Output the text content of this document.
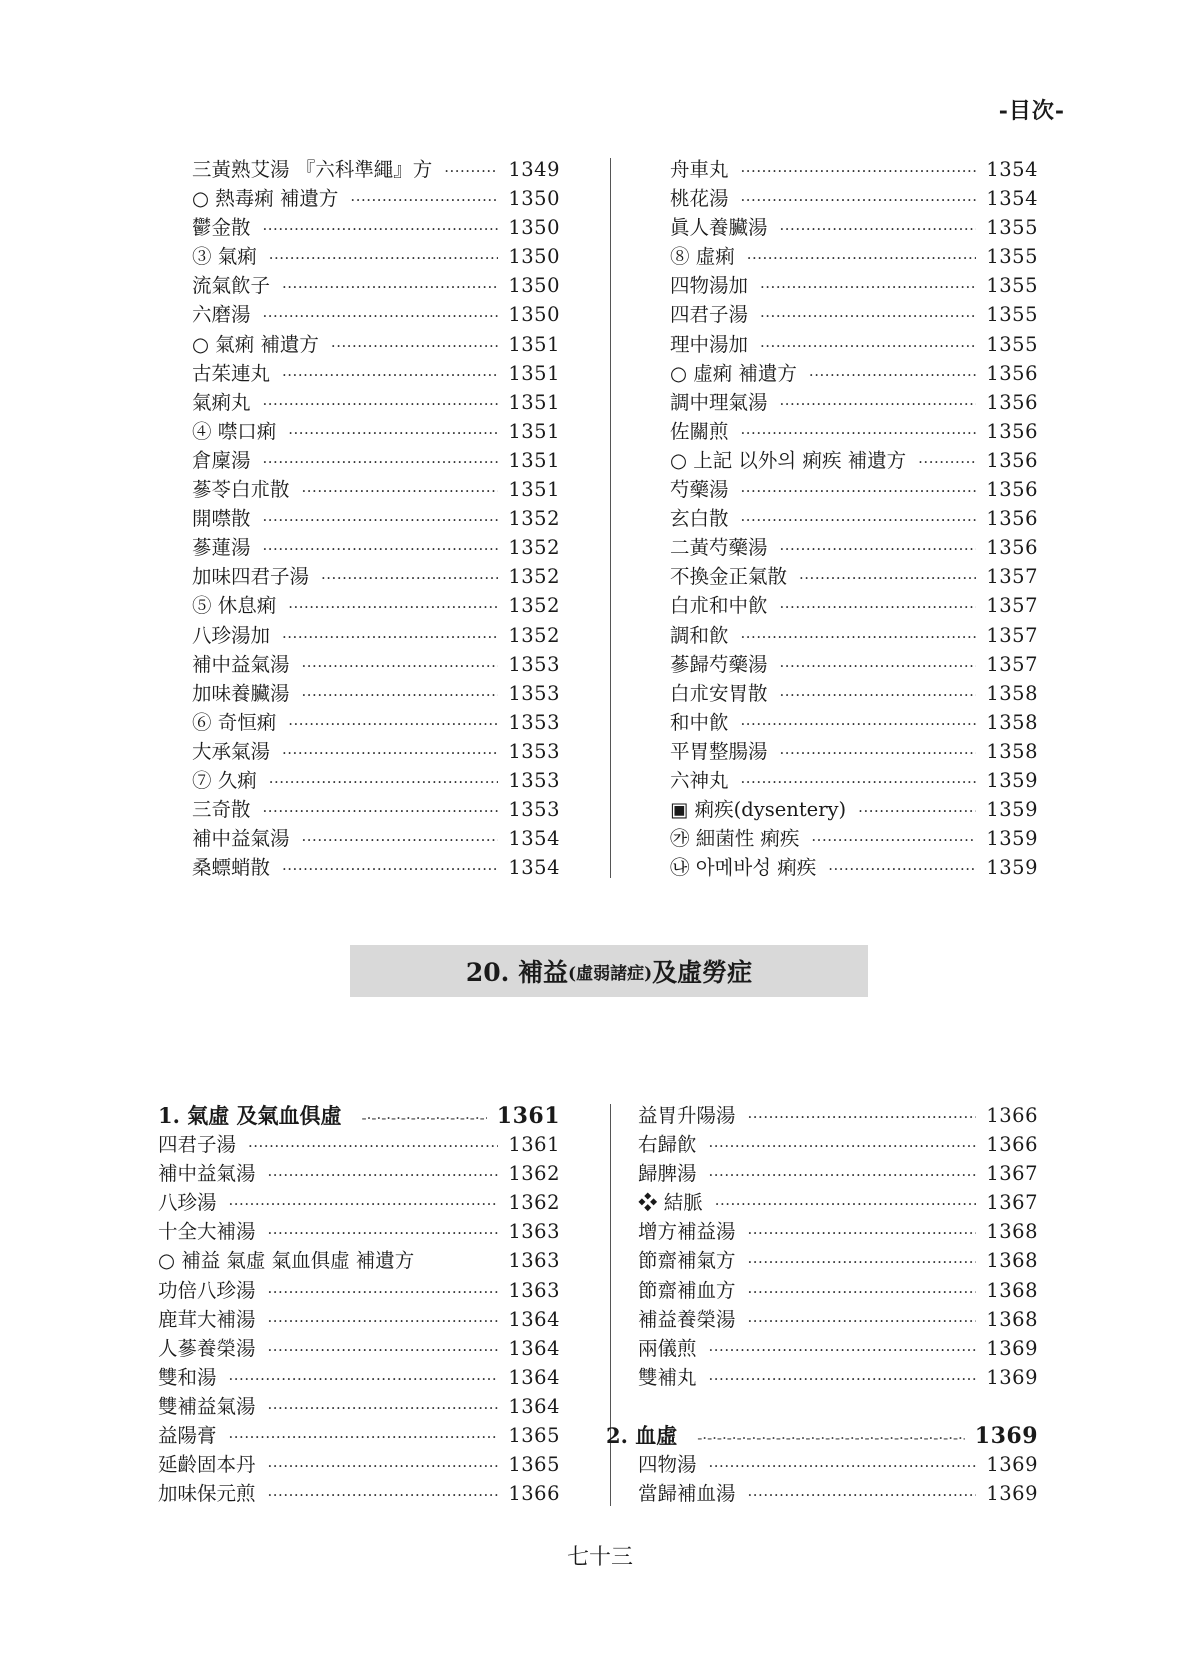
-目次-
三黃熟艾湯 『六科準繩』方 ·····	1349
○ 熱毒痢 補遺方 ·····	1350
鬱金散 ·····	1350
③ 氣痢 ·····	1350
流氣飮子 ·····	1350
六磨湯 ·····	1350
○ 氣痢 補遺方 ·····	1351
古茱連丸 ·····	1351
氣痢丸 ·····	1351
④ 噤口痢 ·····	1351
倉廩湯 ·····	1351
蔘苓白朮散 ·····	1351
開噤散 ·····	1352
蔘蓮湯 ·····	1352
加味四君子湯 ·····	1352
⑤ 休息痢 ·····	1352
八珍湯加 ·····	1352
補中益氣湯 ·····	1353
加味養臟湯 ·····	1353
⑥ 奇恒痢 ·····	1353
大承氣湯 ·····	1353
⑦ 久痢 ·····	1353
三奇散 ·····	1353
補中益氣湯 ·····	1354
桑螵蛸散 ·····	1354
舟車丸 ·····	1354
桃花湯 ·····	1354
眞人養臟湯 ·····	1355
⑧ 虛痢 ·····	1355
四物湯加 ·····	1355
四君子湯 ·····	1355
理中湯加 ·····	1355
○ 虛痢 補遺方 ·····	1356
調中理氣湯 ·····	1356
佐關煎 ·····	1356
○ 上記 以外의 痢疾 補遺方 ·····	1356
芍藥湯 ·····	1356
玄白散 ·····	1356
二黃芍藥湯 ·····	1356
不換金正氣散 ·····	1357
白朮和中飮 ·····	1357
調和飮 ·····	1357
蔘歸芍藥湯 ·····	1357
白朮安胃散 ·····	1358
和中飮 ·····	1358
平胃整腸湯 ·····	1358
六神丸 ·····	1359
▣ 痢疾(dysentery) ·····	1359
㉮ 細菌性 痢疾 ·····	1359
㉯ 아메바성 痢疾 ·····	1359
20. 補益 (虛弱諸症) 及虛勞症
1. 氣虛 及氣血俱虛 -·-·-	1361
四君子湯 ·····	1361
補中益氣湯 ·····	1362
八珍湯 ·····	1362
十全大補湯 ·····	1363
○ 補益 氣虛 氣血俱虛 補遺方	1363
功倍八珍湯 ·····	1363
鹿茸大補湯 ·····	1364
人蔘養榮湯 ·····	1364
雙和湯 ·····	1364
雙補益氣湯 ·····	1364
益陽膏 ·····	1365
延齡固本丹 ·····	1365
加味保元煎 ·····	1366
益胃升陽湯 ·····	1366
右歸飮 ·····	1366
歸脾湯 ·····	1367
❖ 結脈 ·····	1367
增方補益湯 ·····	1368
節齋補氣方 ·····	1368
節齋補血方 ·····	1368
補益養榮湯 ·····	1368
兩儀煎 ·····	1369
雙補丸 ·····	1369
2. 血虛 -·-·-	1369
四物湯 ·····	1369
當歸補血湯 ·····	1369
七十三
